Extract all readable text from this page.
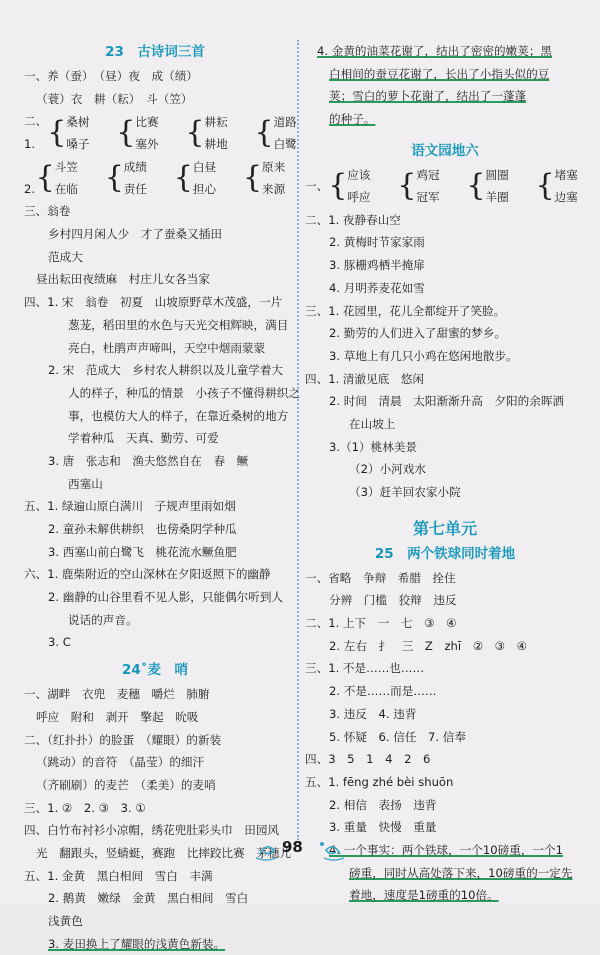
23　古诗词三首
一、养（蚕）　（昼）夜　成（绩）
（蓑）衣　耕（耘）　斗（笠）
二、1. { 桑树
嗓子 { 比赛
塞外 { 耕耘
耕地 { 道路
白鹭
　 2. { 斗笠
在临 { 成绩
责任 { 白昼
担心 { 原来
来源
三、翁卷
乡村四月闲人少　才了蚕桑又插田
范成大
昼出耘田夜绩麻　村庄儿女各当家
四、1. 宋　翁卷　初夏　山坡原野草木茂盛，一片
葱茏，稻田里的水色与天光交相辉映，满目
亮白，杜鹃声声啼叫，天空中烟雨蒙蒙
2. 宋　范成大　乡村农人耕织以及儿童学着大
人的样子，种瓜的情景　小孩子不懂得耕织之
事，也模仿大人的样子，在靠近桑树的地方
学着种瓜　天真、勤劳、可爱
3. 唐　张志和　渔夫悠然自在　春　鳜
西塞山
五、1. 绿遍山原白满川　子规声里雨如烟
2. 童孙未解供耕织　也傍桑阴学种瓜
3. 西塞山前白鹭飞　桃花流水鳜鱼肥
六、1. 鹿柴附近的空山深林在夕阳返照下的幽静
2. 幽静的山谷里看不见人影，只能偶尔听到人
说话的声音。
3. C
24˚麦　哨
一、湖畔　衣兜　麦穗　嚼烂　肺腑
呼应　附和　剥开　擎起　吮吸
二、（红扑扑）的脸蛋　（耀眼）的新装
（跳动）的音符　（晶莹）的细汗
（齐刷刷）的麦芒　（柔美）的麦哨
三、1. ②　2. ③　3. ①
四、白竹布衬衫小凉帽，绣花兜肚彩头巾　田园风
光　翻跟头，竖蜻蜓，赛跑　比摔跤比赛　茅穗儿
五、1. 金黄　黑白相间　雪白　丰满
2. 鹅黄　嫩绿　金黄　黑白相间　雪白
浅黄色
3. 麦田换上了耀眼的浅黄色新装。
4. 金黄的油菜花谢了，结出了密密的嫩荚；黑
白相间的蚕豆花谢了，长出了小指头似的豆
荚；雪白的萝卜花谢了，结出了一蓬蓬
的种子。
语文园地六
一、 { 应该
呼应 { 鸡冠
冠军 { 圆圈
羊圈 { 堵塞
边塞
二、1. 夜静春山空
2. 黄梅时节家家雨
3. 豚栅鸡栖半掩扉
4. 月明荞麦花如雪
三、1. 花园里，花儿全都绽开了笑脸。
2. 勤劳的人们进入了甜蜜的梦乡。
3. 草地上有几只小鸡在悠闲地散步。
四、1. 清澈见底　悠闲
2. 时间　清晨　太阳渐渐升高　夕阳的余晖洒
在山坡上
3.（1）桃林美景
（2）小河戏水
（3）赶羊回农家小院
第七单元
25　两个铁球同时着地
一、省略　争辩　希腊　拴住
分辨　门槛　狡辩　违反
二、1. 上下　一　七　③　④
2. 左右　扌　三　Z　zhī　②　③　④
三、1. 不是……也……
2. 不是……而是……
3. 违反　4. 违背
5. 怀疑　6. 信任　7. 信奉
四、3　5　1　4　2　6
五、1. fēng zhé bèi shuōn
2. 相信　表扬　违背
3. 重量　快慢　重量
4. 一个事实：两个铁球，一个10磅重，一个1
磅重，同时从高处落下来，10磅重的一定先
着地，速度是1磅重的10倍。
98
